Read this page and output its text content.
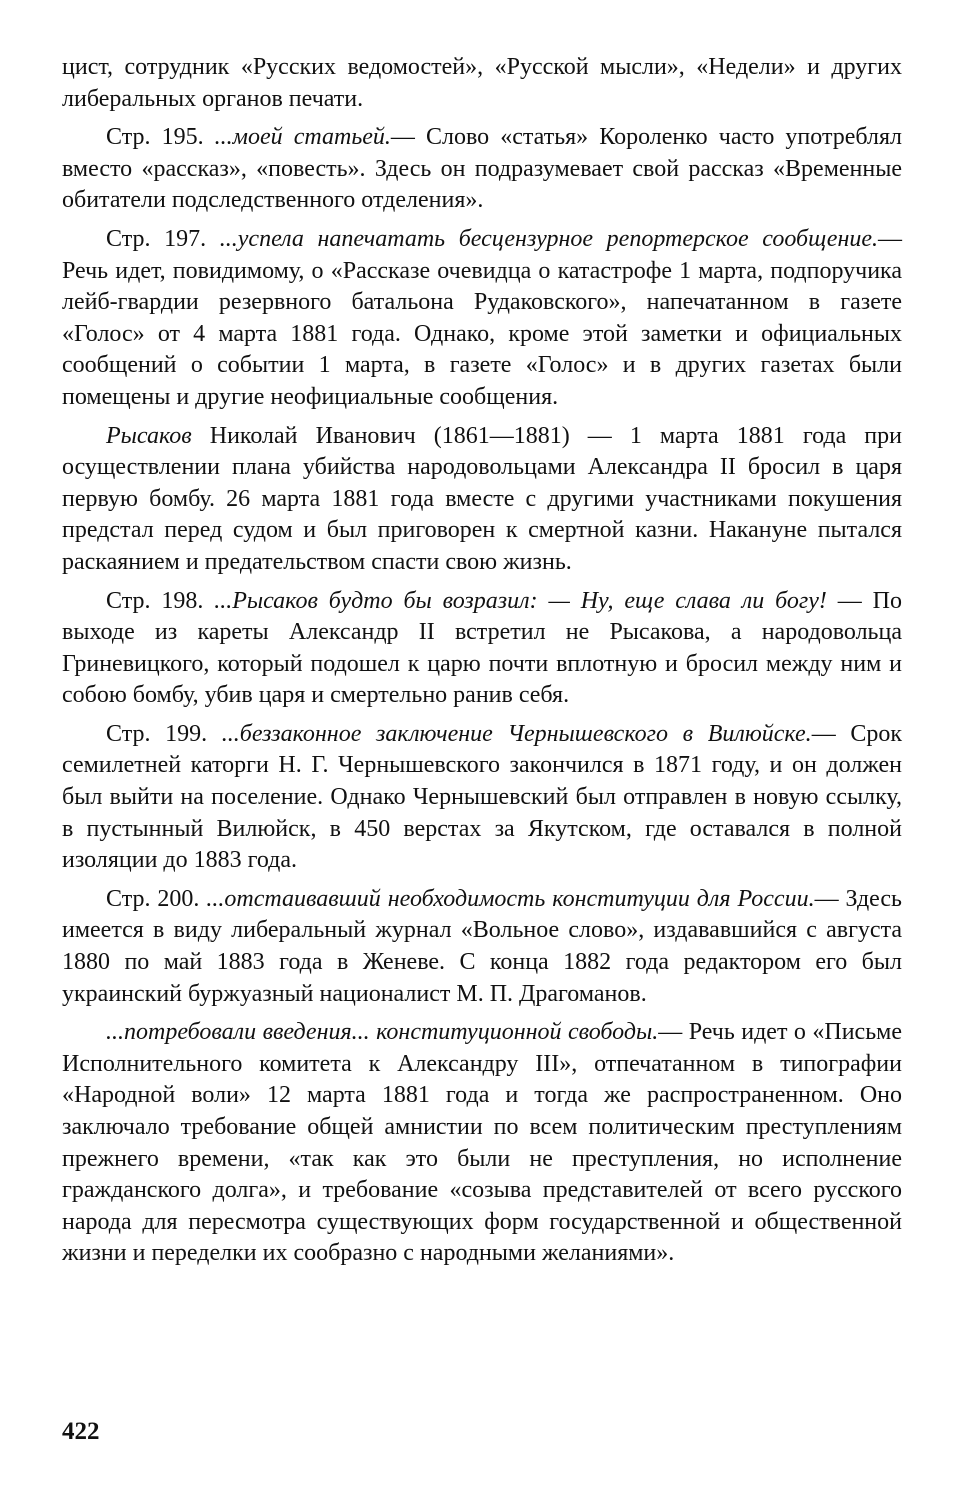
цист, сотрудник «Русских ведомостей», «Русской мысли», «Недели» и других либеральных органов печати.

Стр. 195. ...моей статьей.— Слово «статья» Короленко часто употреблял вместо «рассказ», «повесть». Здесь он подразумевает свой рассказ «Временные обитатели подследственного отделения».

Стр. 197. ...успела напечатать бесцензурное репортерское сообщение.— Речь идет, повидимому, о «Рассказе очевидца о катастрофе 1 марта, подпоручика лейб-гвардии резервного батальона Рудаковского», напечатанном в газете «Голос» от 4 марта 1881 года. Однако, кроме этой заметки и официальных сообщений о событии 1 марта, в газете «Голос» и в других газетах были помещены и другие неофициальные сообщения.

Рысаков Николай Иванович (1861—1881) — 1 марта 1881 года при осуществлении плана убийства народовольцами Александра II бросил в царя первую бомбу. 26 марта 1881 года вместе с другими участниками покушения предстал перед судом и был приговорен к смертной казни. Накануне пытался раскаянием и предательством спасти свою жизнь.

Стр. 198. ...Рысаков будто бы возразил: — Ну, еще слава ли богу! — По выходе из кареты Александр II встретил не Рысакова, а народовольца Гриневицкого, который подошел к царю почти вплотную и бросил между ним и собою бомбу, убив царя и смертельно ранив себя.

Стр. 199. ...беззаконное заключение Чернышевского в Вилюйске.— Срок семилетней каторги Н. Г. Чернышевского закончился в 1871 году, и он должен был выйти на поселение. Однако Чернышевский был отправлен в новую ссылку, в пустынный Вилюйск, в 450 верстах за Якутском, где оставался в полной изоляции до 1883 года.

Стр. 200. ...отстаивавший необходимость конституции для России.— Здесь имеется в виду либеральный журнал «Вольное слово», издававшийся с августа 1880 по май 1883 года в Женеве. С конца 1882 года редактором его был украинский буржуазный националист М. П. Драгоманов.

...потребовали введения... конституционной свободы.— Речь идет о «Письме Исполнительного комитета к Александру III», отпечатанном в типографии «Народной воли» 12 марта 1881 года и тогда же распространенном. Оно заключало требование общей амнистии по всем политическим преступлениям прежнего времени, «так как это были не преступления, но исполнение гражданского долга», и требование «созыва представителей от всего русского народа для пересмотра существующих форм государственной и общественной жизни и переделки их сообразно с народными желаниями».

422
